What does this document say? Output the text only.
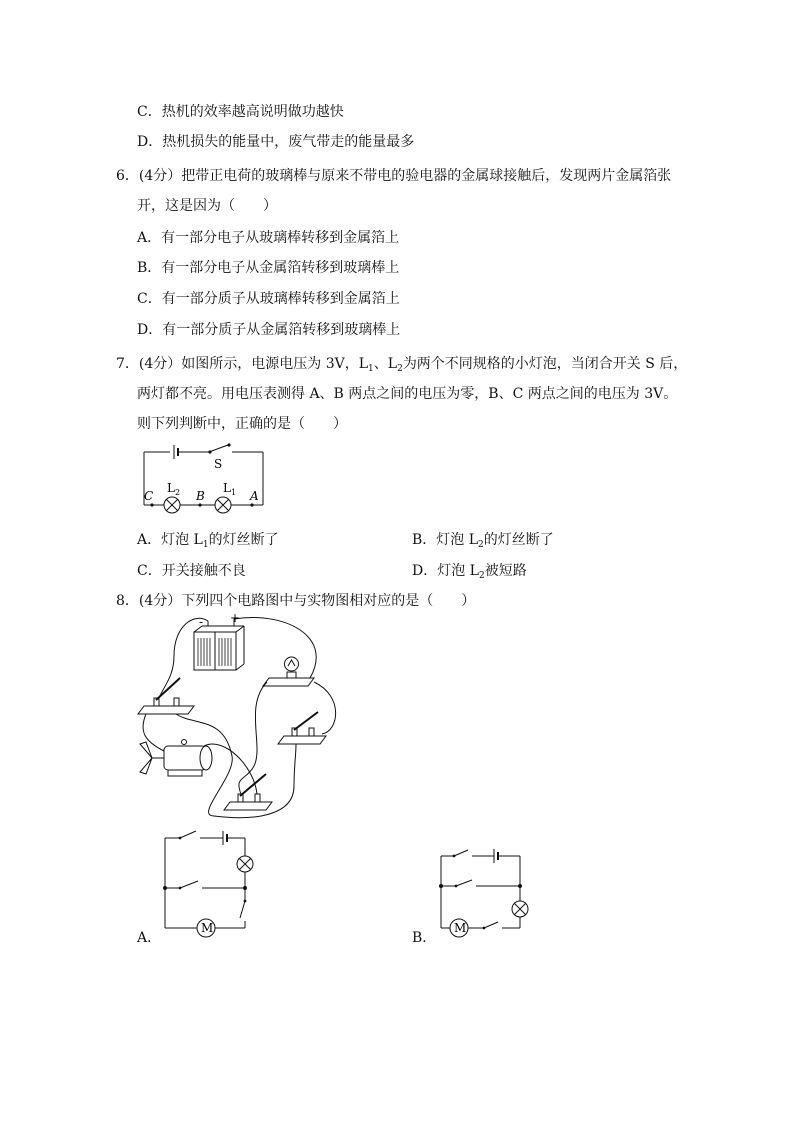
C．热机的效率越高说明做功越快
D．热机损失的能量中，废气带走的能量最多
6．(4分）把带正电荷的玻璃棒与原来不带电的验电器的金属球接触后，发现两片金属箔张
开，这是因为（　　）
A．有一部分电子从玻璃棒转移到金属箔上
B．有一部分电子从金属箔转移到玻璃棒上
C．有一部分质子从玻璃棒转移到金属箔上
D．有一部分质子从金属箔转移到玻璃棒上
7．(4分）如图所示，电源电压为 3V，$L_1$、$L_2$为两个不同规格的小灯泡，当闭合开关 S 后，
两灯都不亮。用电压表测得 A、B 两点之间的电压为零，B、C 两点之间的电压为 3V。
则下列判断中，正确的是（　　）
S
$L_2$	$L_1$
C	B	A
A．灯泡 $L_1$的灯丝断了	B．灯泡 $L_2$的灯丝断了
C．开关接触不良	D．灯泡 $L_2$被短路
8．(4分）下列四个电路图中与实物图相对应的是（　　）
- +
M
A．
M
B．
